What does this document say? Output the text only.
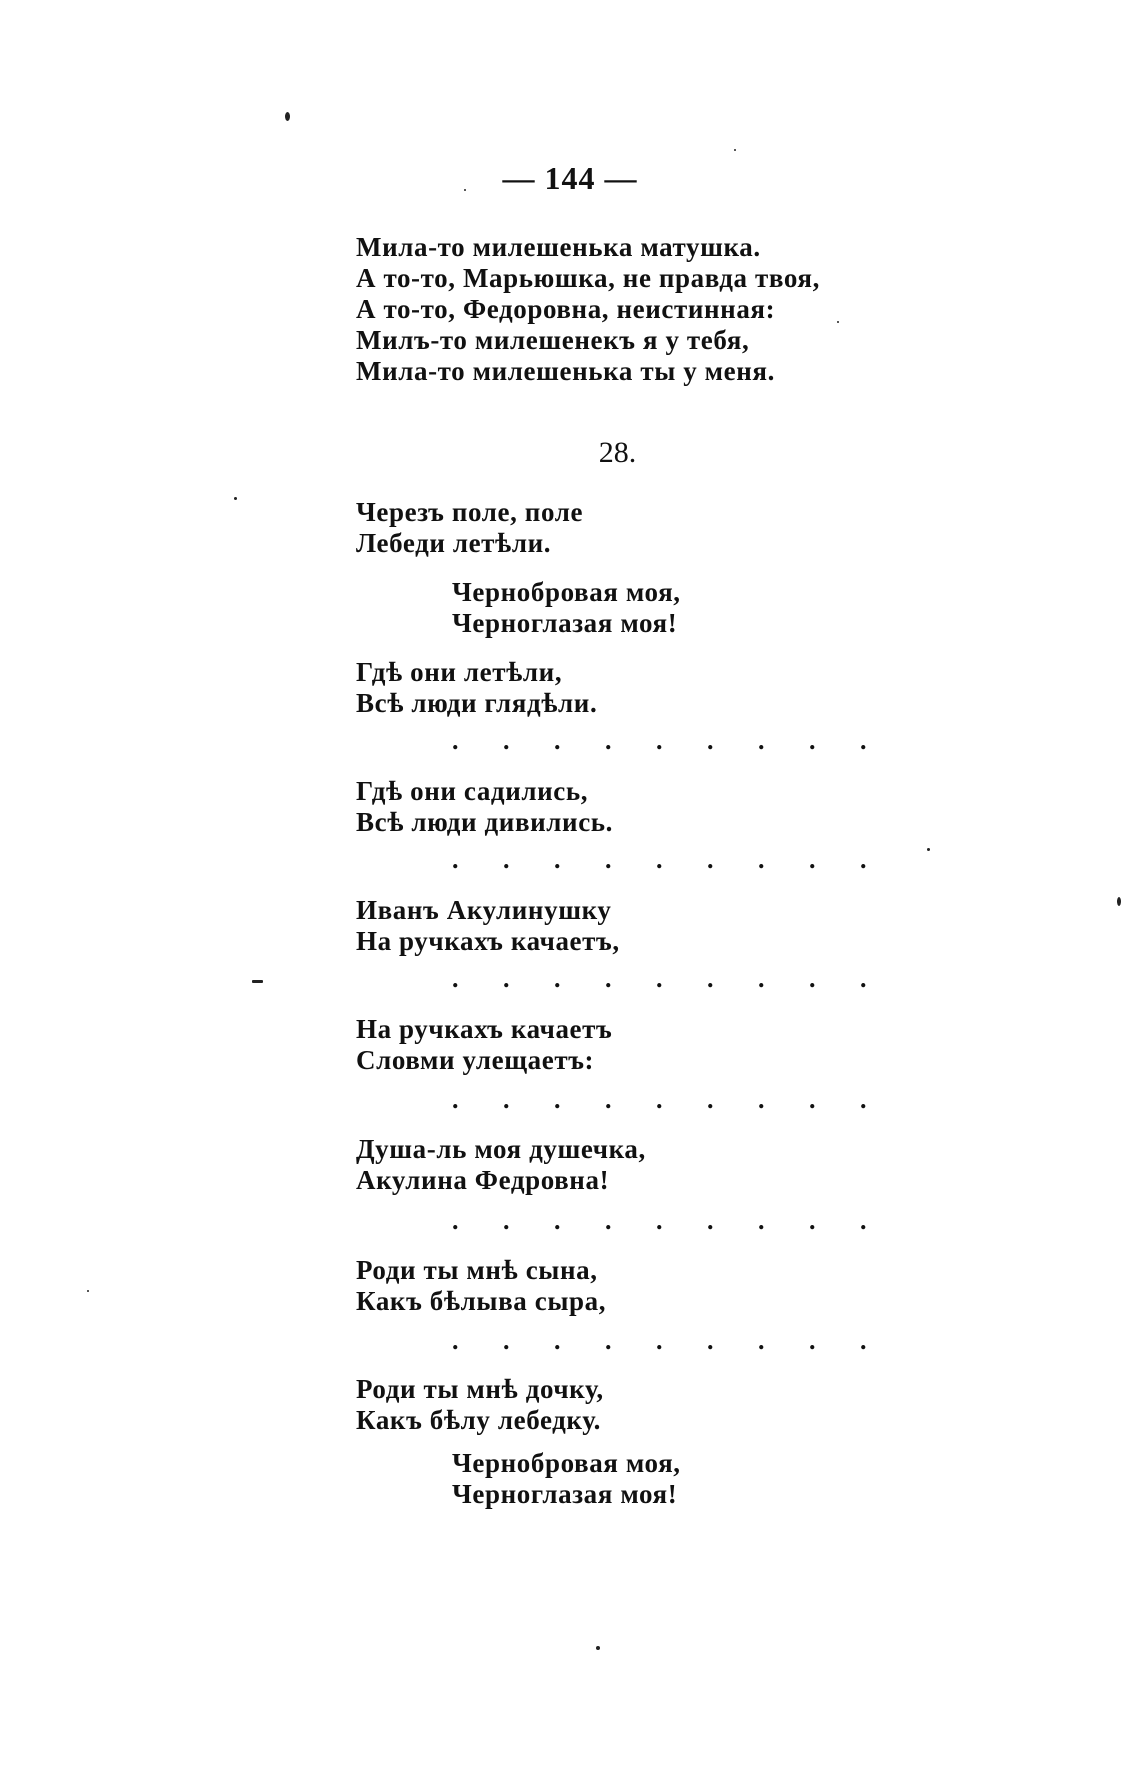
— 144 —
Мила-то милешенька матушка.
А то-то, Марьюшка, не правда твоя,
А то-то, Федоровна, неистинная:
Милъ-то милешенекъ я у тебя,
Мила-то милешенька ты у меня.
28.
Черезъ поле, поле
Лебеди летѣли.
Чернобровая моя,
Черноглазая моя!
Гдѣ они летѣли,
Всѣ люди глядѣли.
. . . . . . . . .
Гдѣ они садились,
Всѣ люди дивились.
. . . . . . . . .
Иванъ Акулинушку
На ручкахъ качаетъ,
. . . . . . . . .
На ручкахъ качаетъ
Словми улещаетъ:
. . . . . . . . .
Душа-ль моя душечка,
Акулина Федровна!
. . . . . . . . .
Роди ты мнѣ сына,
Какъ бѣлыва сыра,
. . . . . . . . .
Роди ты мнѣ дочку,
Какъ бѣлу лебедку.
Чернобровая моя,
Черноглазая моя!
